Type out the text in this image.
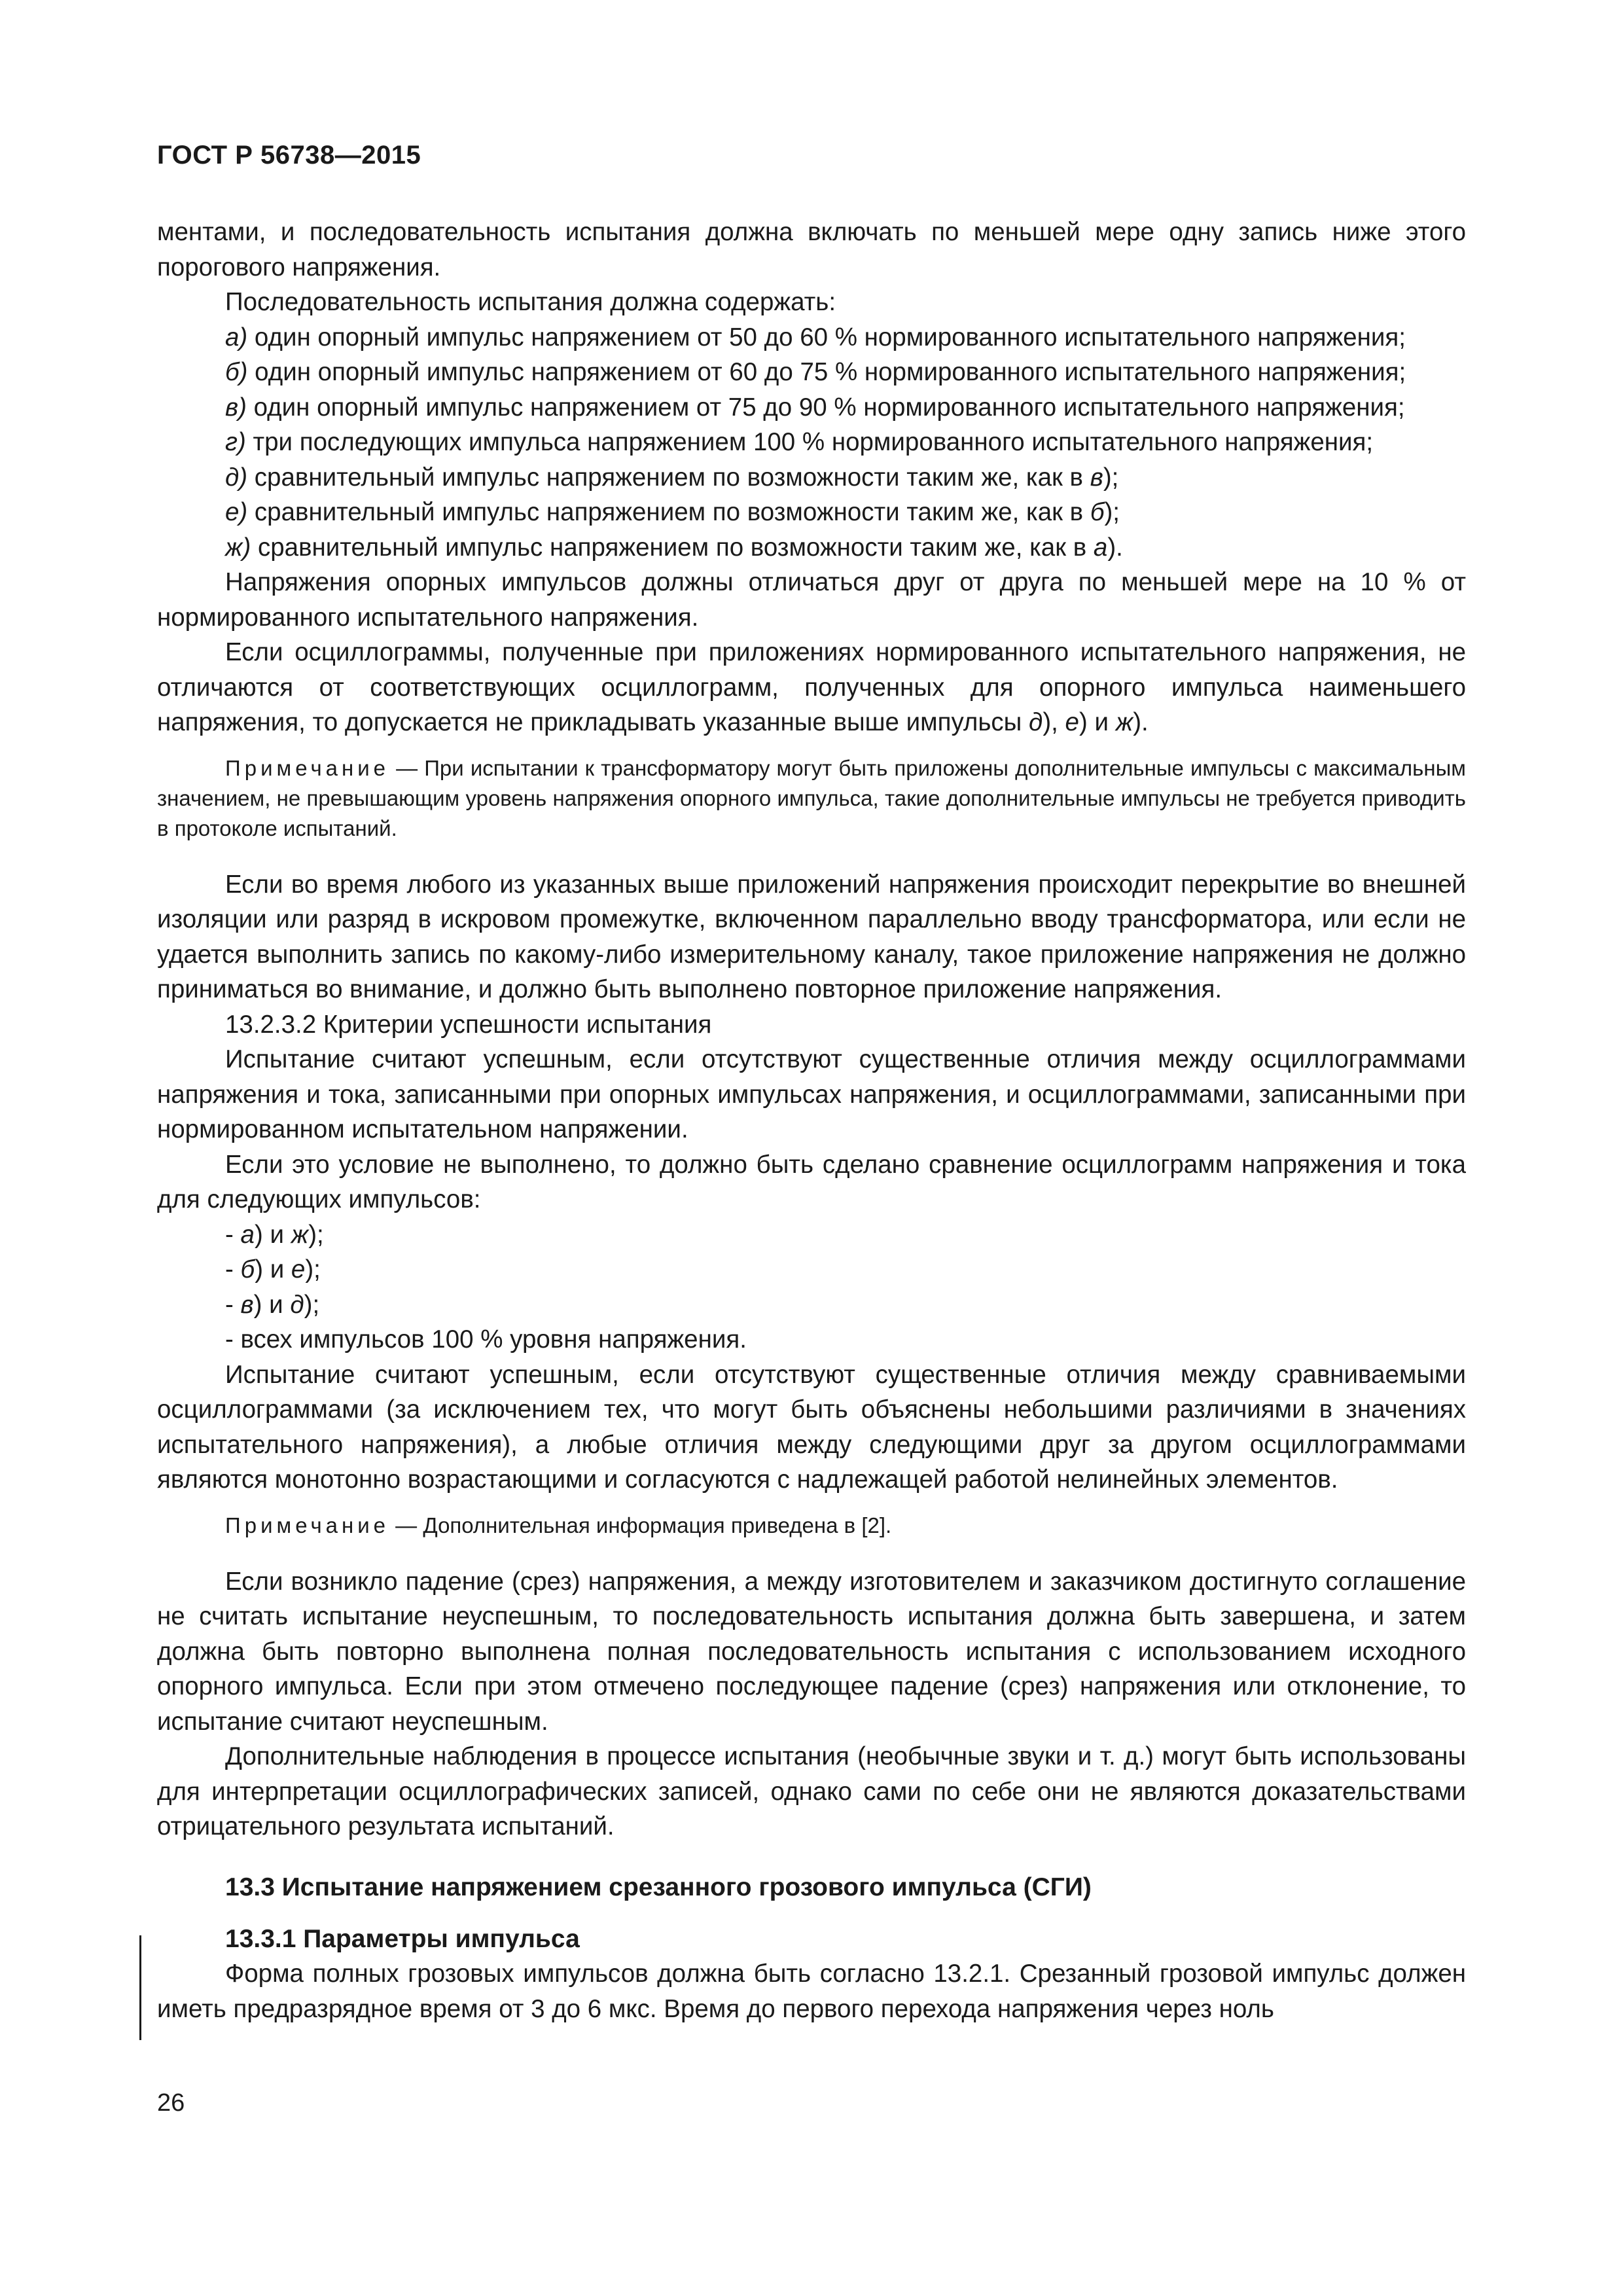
ГОСТ Р 56738—2015

ментами, и последовательность испытания должна включать по меньшей мере одну запись ниже этого порогового напряжения.

Последовательность испытания должна содержать:

а) один опорный импульс напряжением от 50 до 60 % нормированного испытательного напряжения;

б) один опорный импульс напряжением от 60 до 75 % нормированного испытательного напряжения;

в) один опорный импульс напряжением от 75 до 90 % нормированного испытательного напряжения;

г) три последующих импульса напряжением 100 % нормированного испытательного напряжения;

д) сравнительный импульс напряжением по возможности таким же, как в в);

е) сравнительный импульс напряжением по возможности таким же, как в б);

ж) сравнительный импульс напряжением по возможности таким же, как в а).

Напряжения опорных импульсов должны отличаться друг от друга по меньшей мере на 10 % от нормированного испытательного напряжения.

Если осциллограммы, полученные при приложениях нормированного испытательного напряжения, не отличаются от соответствующих осциллограмм, полученных для опорного импульса наименьшего напряжения, то допускается не прикладывать указанные выше импульсы д), е) и ж).

Примечание — При испытании к трансформатору могут быть приложены дополнительные импульсы с максимальным значением, не превышающим уровень напряжения опорного импульса, такие дополнительные импульсы не требуется приводить в протоколе испытаний.

Если во время любого из указанных выше приложений напряжения происходит перекрытие во внешней изоляции или разряд в искровом промежутке, включенном параллельно вводу трансформатора, или если не удается выполнить запись по какому-либо измерительному каналу, такое приложение напряжения не должно приниматься во внимание, и должно быть выполнено повторное приложение напряжения.

13.2.3.2 Критерии успешности испытания

Испытание считают успешным, если отсутствуют существенные отличия между осциллограммами напряжения и тока, записанными при опорных импульсах напряжения, и осциллограммами, записанными при нормированном испытательном напряжении.

Если это условие не выполнено, то должно быть сделано сравнение осциллограмм напряжения и тока для следующих импульсов:

- а) и ж);

- б) и е);

- в) и д);

- всех импульсов 100 % уровня напряжения.

Испытание считают успешным, если отсутствуют существенные отличия между сравниваемыми осциллограммами (за исключением тех, что могут быть объяснены небольшими различиями в значениях испытательного напряжения), а любые отличия между следующими друг за другом осциллограммами являются монотонно возрастающими и согласуются с надлежащей работой нелинейных элементов.

Примечание — Дополнительная информация приведена в [2].

Если возникло падение (срез) напряжения, а между изготовителем и заказчиком достигнуто соглашение не считать испытание неуспешным, то последовательность испытания должна быть завершена, и затем должна быть повторно выполнена полная последовательность испытания с использованием исходного опорного импульса. Если при этом отмечено последующее падение (срез) напряжения или отклонение, то испытание считают неуспешным.

Дополнительные наблюдения в процессе испытания (необычные звуки и т. д.) могут быть использованы для интерпретации осциллографических записей, однако сами по себе они не являются доказательствами отрицательного результата испытаний.

13.3 Испытание напряжением срезанного грозового импульса (СГИ)
13.3.1 Параметры импульса

Форма полных грозовых импульсов должна быть согласно 13.2.1. Срезанный грозовой импульс должен иметь предразрядное время от 3 до 6 мкс. Время до первого перехода напряжения через ноль

26
